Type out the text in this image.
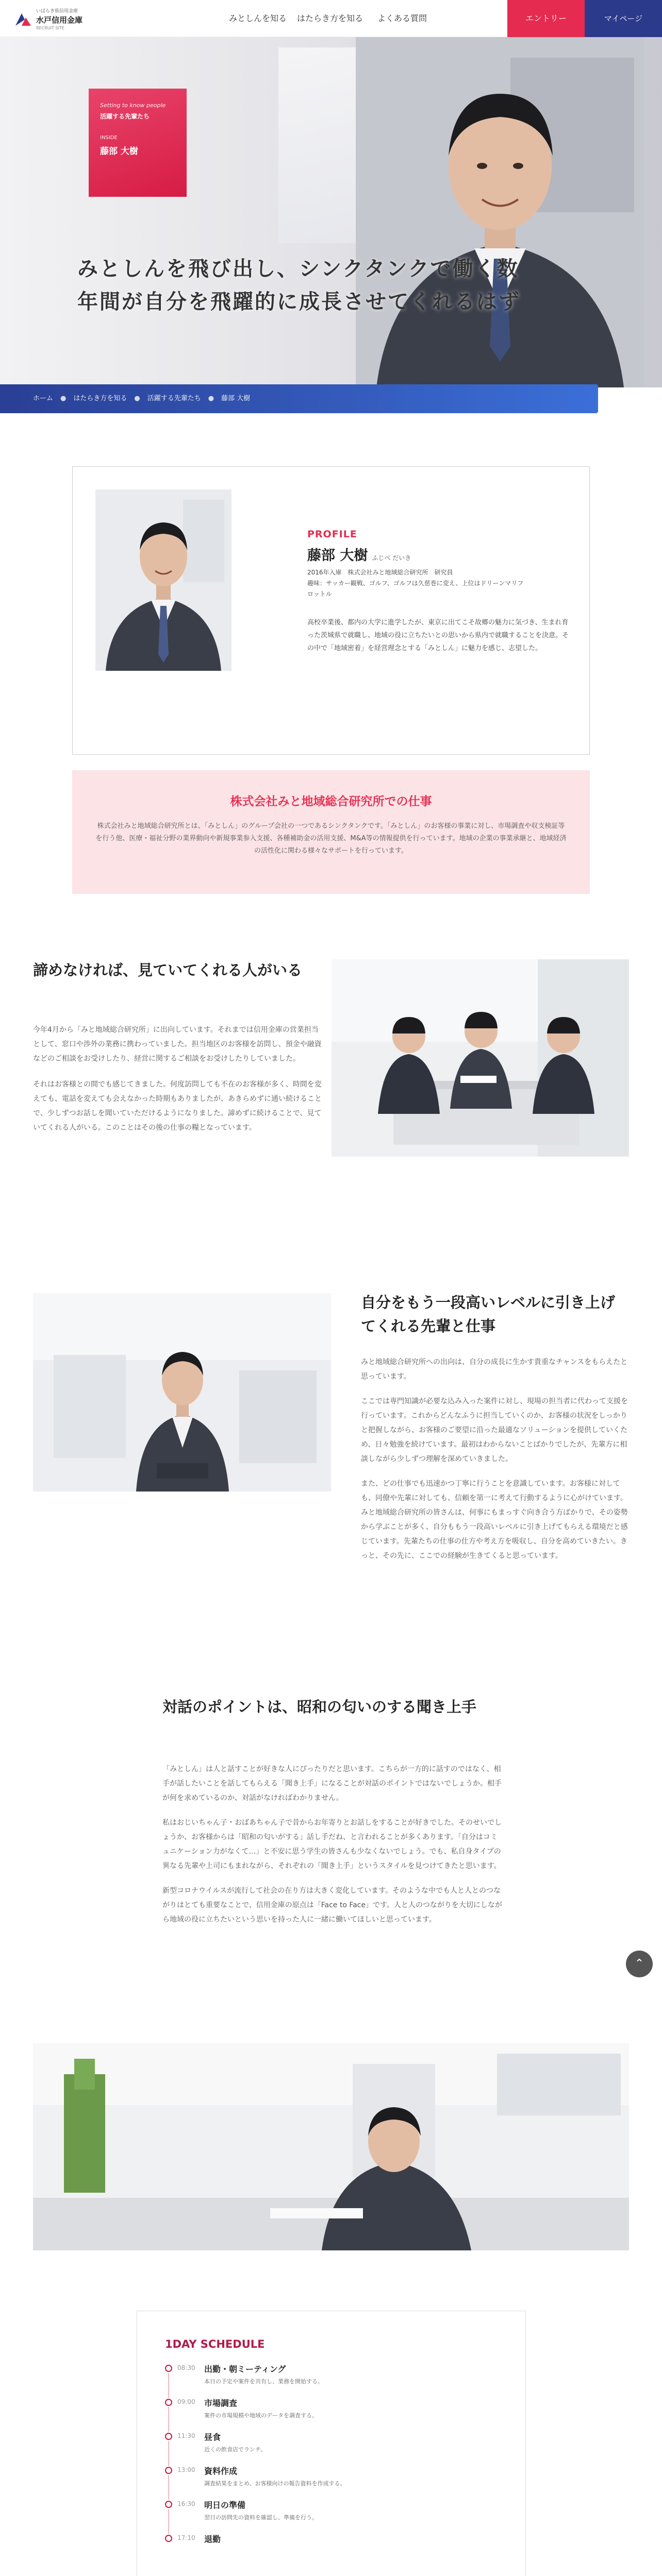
いばらき県信用金庫
水戸信用金庫
RECRUIT SITE
みとしんを知る	はたらき方を知る	よくある質問	エントリー	マイページ
Setting to know people
活躍する先輩たち
INSIDE
藤部 大樹
みとしんを飛び出し、シンクタンクで働く数
年間が自分を飛躍的に成長させてくれるはず
ホーム ● はたらき方を知る ● 活躍する先輩たち ● 藤部 大樹
PROFILE
藤部 大樹 ふじべ だいき
2016年入庫　株式会社みと地域総合研究所　研究員
趣味：サッカー観戦、ゴルフ、ゴルフは久慈巻に変え、上位はドリーンマリフ
ロットル
高校卒業後、都内の大学に進学したが、東京に出てこそ故郷の魅力に気づき、生まれ育った茨城県で就職し、地域の役に立ちたいとの思いから県内で就職することを決意。その中で「地域密着」を経営理念とする「みとしん」に魅力を感じ、志望した。
株式会社みと地域総合研究所での仕事
株式会社みと地域総合研究所とは、「みとしん」のグループ会社の一つであるシンクタンクです。「みとしん」のお客様の事業に対し、市場調査や収支検証等を行う他、医療・福祉分野の業界動向や新規事業参入支援、各種補助金の活用支援、M&A等の情報提供を行っています。地域の企業の事業承継と、地域経済の活性化に関わる様々なサポートを行っています。
諦めなければ、見ていてくれる人がいる

今年4月から「みと地域総合研究所」に出向しています。それまでは信用金庫の営業担当として、窓口や渉外の業務に携わっていました。担当地区のお客様を訪問し、預金や融資などのご相談をお受けしたり、経営に関するご相談をお受けしたりしていました。

それはお客様との間でも感じてきました。何度訪問しても不在のお客様が多く、時間を変えても、電話を変えても会えなかった時期もありましたが、あきらめずに通い続けることで、少しずつお話しを聞いていただけるようになりました。諦めずに続けることで、見ていてくれる人がいる。このことはその後の仕事の糧となっています。

自分をもう一段高いレベルに引き上げてくれる先輩と仕事

みと地域総合研究所への出向は、自分の成長に生かす貴重なチャンスをもらえたと思っています。

ここでは専門知識が必要な込み入った案件に対し、現場の担当者に代わって支援を行っています。これからどんなふうに担当していくのか、お客様の状況をしっかりと把握しながら、お客様のご要望に沿った最適なソリューションを提供していくため、日々勉強を続けています。最初はわからないことばかりでしたが、先輩方に相談しながら少しずつ理解を深めていきました。

また、どの仕事でも迅速かつ丁寧に行うことを意識しています。お客様に対しても、同僚や先輩に対しても、信頼を第一に考えて行動するように心がけています。

みと地域総合研究所の皆さんは、何事にもまっすぐ向き合う方ばかりで、その姿勢から学ぶことが多く、自分ももう一段高いレベルに引き上げてもらえる環境だと感じています。先輩たちの仕事の仕方や考え方を吸収し、自分を高めていきたい。きっと、その先に、ここでの経験が生きてくると思っています。

対話のポイントは、昭和の匂いのする聞き上手

「みとしん」は人と話すことが好きな人にぴったりだと思います。こちらが一方的に話すのではなく、相手が話したいことを話してもらえる「聞き上手」になることが対話のポイントではないでしょうか。相手が何を求めているのか、対話がなければわかりません。

私はおじいちゃん子・おばあちゃん子で昔からお年寄りとお話しをすることが好きでした。そのせいでしょうか、お客様からは「昭和の匂いがする」話し手だね、と言われることが多くあります。「自分はコミュニケーション力がなくて…」と不安に思う学生の皆さんも少なくないでしょう。でも、私自身タイプの異なる先輩や上司にもまれながら、それぞれの「聞き上手」というスタイルを見つけてきたと思います。

新型コロナウイルスが流行して社会の在り方は大きく変化しています。そのような中でも人と人とのつながりはとても重要なことで、信用金庫の原点は「Face to Face」です。人と人のつながりを大切にしながら地域の役に立ちたいという思いを持った人に一緒に働いてほしいと思っています。

⌃
1DAY SCHEDULE
08:30 出勤・朝ミーティング
本日の予定や案件を共有し、業務を開始する。
09:00 市場調査
案件の市場規模や地域のデータを調査する。
11:30 昼食
近くの飲食店でランチ。
13:00 資料作成
調査結果をまとめ、お客様向けの報告資料を作成する。
16:30 明日の準備
翌日の訪問先の資料を確認し、準備を行う。
17:10 退勤
